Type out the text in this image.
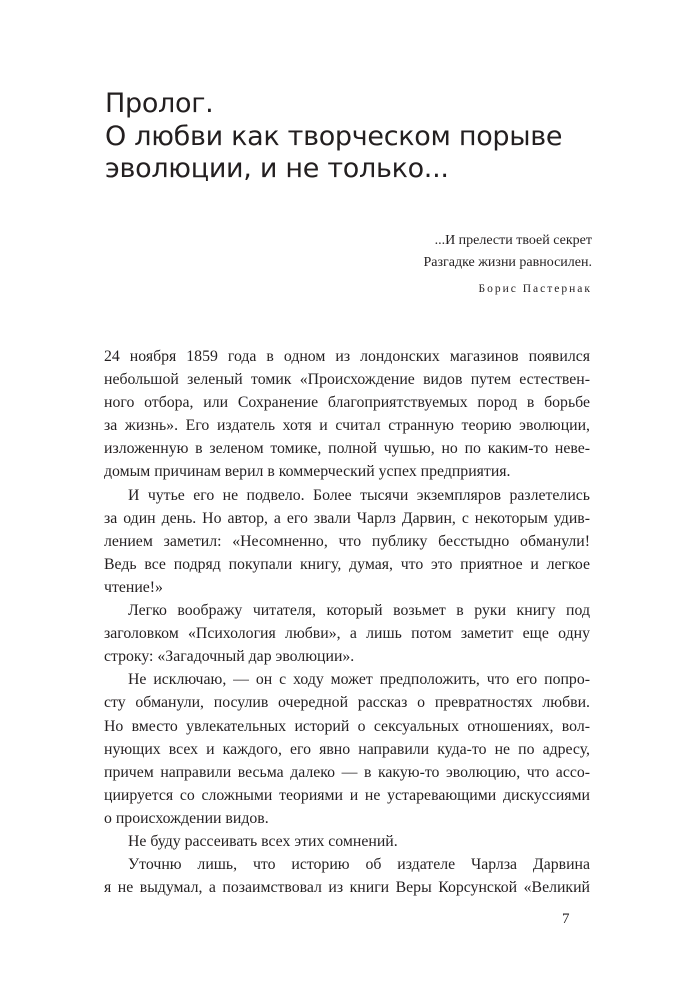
Пролог.
О любви как творческом порыве
эволюции, и не только...
...И прелести твоей секрет
Разгадке жизни равносилен.
Борис Пастернак
24 ноября 1859 года в одном из лондонских магазинов появился
небольшой зеленый томик «Происхождение видов путем естествен-
ного отбора, или Сохранение благоприятствуемых пород в борьбе
за жизнь». Его издатель хотя и считал странную теорию эволюции,
изложенную в зеленом томике, полной чушью, но по каким-то неве-
домым причинам верил в коммерческий успех предприятия.
И чутье его не подвело. Более тысячи экземпляров разлетелись
за один день. Но автор, а его звали Чарлз Дарвин, с некоторым удив-
лением заметил: «Несомненно, что публику бесстыдно обманули!
Ведь все подряд покупали книгу, думая, что это приятное и легкое
чтение!»
Легко воображу читателя, который возьмет в руки книгу под
заголовком «Психология любви», а лишь потом заметит еще одну
строку: «Загадочный дар эволюции».
Не исключаю, — он с ходу может предположить, что его попро-
сту обманули, посулив очередной рассказ о превратностях любви.
Но вместо увлекательных историй о сексуальных отношениях, вол-
нующих всех и каждого, его явно направили куда-то не по адресу,
причем направили весьма далеко — в какую-то эволюцию, что ассо-
циируется со сложными теориями и не устаревающими дискуссиями
о происхождении видов.
Не буду рассеивать всех этих сомнений.
Уточню лишь, что историю об издателе Чарлза Дарвина
я не выдумал, а позаимствовал из книги Веры Корсунской «Великий
7
